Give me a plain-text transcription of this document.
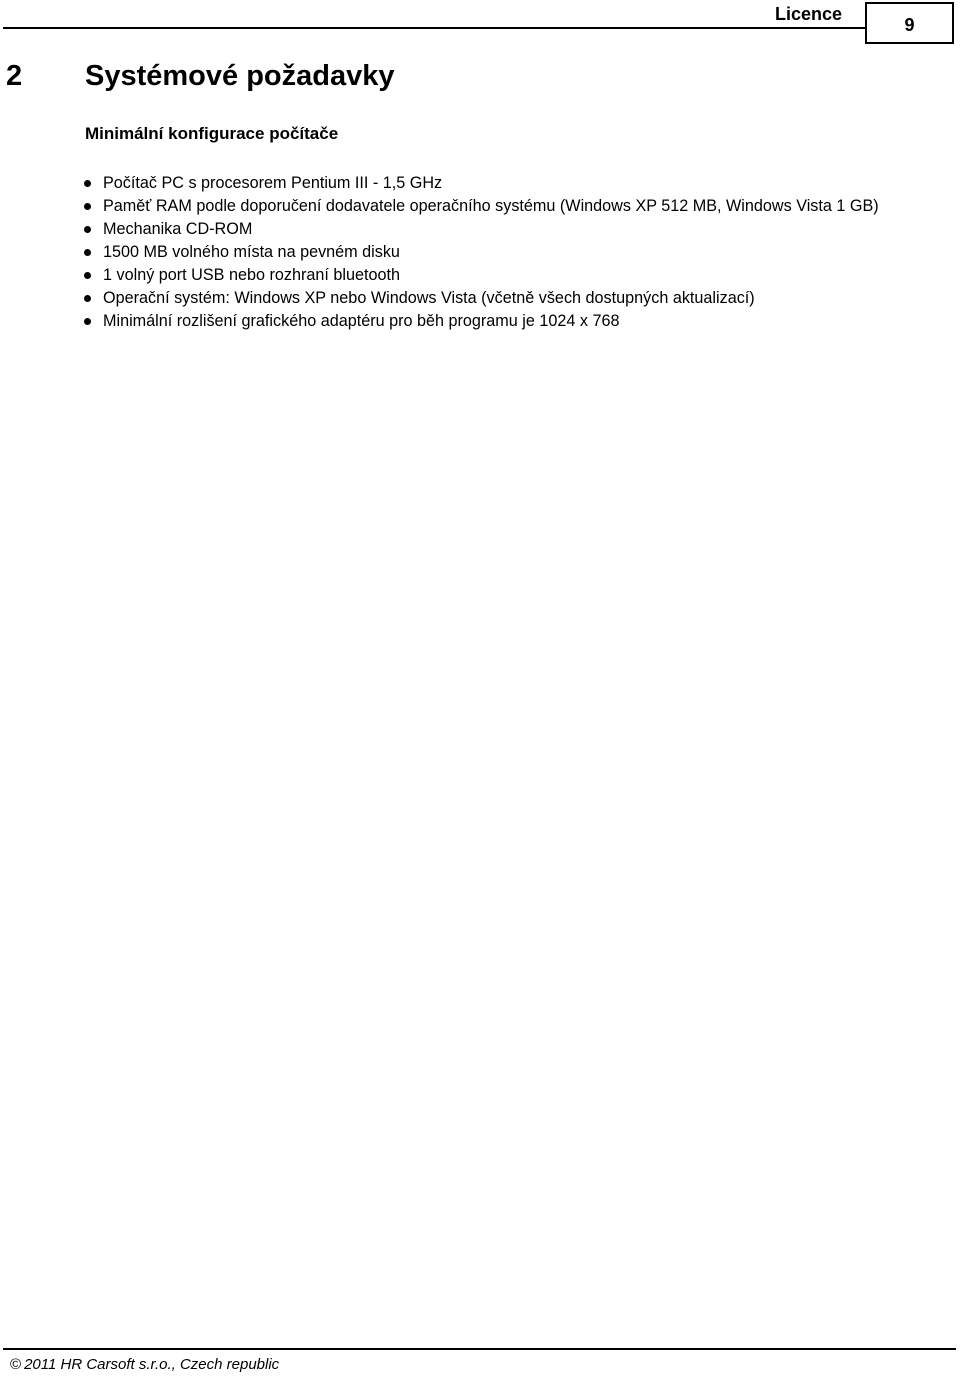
Licence
9
2 Systémové požadavky
Minimální konfigurace počítače
Počítač PC s procesorem Pentium III - 1,5 GHz
Paměť RAM podle doporučení dodavatele operačního systému (Windows XP 512 MB, Windows Vista 1 GB)
Mechanika CD-ROM
1500 MB volného místa na pevném disku
1 volný port USB nebo rozhraní bluetooth
Operační systém: Windows XP nebo Windows Vista (včetně všech dostupných aktualizací)
Minimální rozlišení grafického adaptéru pro běh programu je 1024 x 768
© 2011 HR Carsoft s.r.o., Czech republic
